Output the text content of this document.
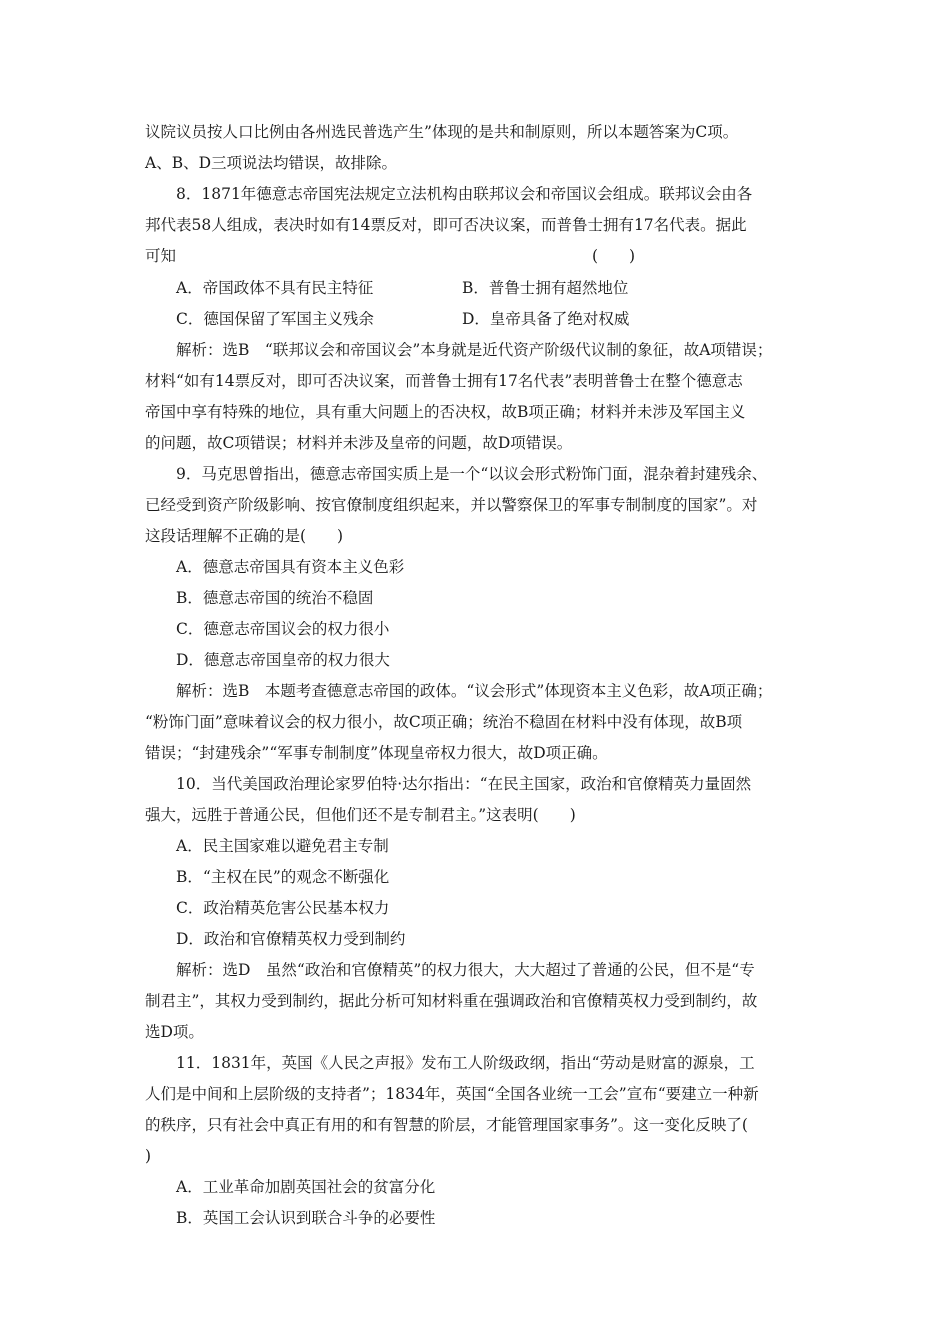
议院议员按人口比例由各州选民普选产生”体现的是共和制原则，所以本题答案为C项。
A、B、D三项说法均错误，故排除。
8．1871年德意志帝国宪法规定立法机构由联邦议会和帝国议会组成。联邦议会由各
邦代表58人组成，表决时如有14票反对，即可否决议案，而普鲁士拥有17名代表。据此
可知	(　　)
A．帝国政体不具有民主特征	B．普鲁士拥有超然地位
C．德国保留了军国主义残余	D．皇帝具备了绝对权威
解析：选B　“联邦议会和帝国议会”本身就是近代资产阶级代议制的象征，故A项错误；
材料“如有14票反对，即可否决议案，而普鲁士拥有17名代表”表明普鲁士在整个德意志
帝国中享有特殊的地位，具有重大问题上的否决权，故B项正确；材料并未涉及军国主义
的问题，故C项错误；材料并未涉及皇帝的问题，故D项错误。
9．马克思曾指出，德意志帝国实质上是一个“以议会形式粉饰门面，混杂着封建残余、
已经受到资产阶级影响、按官僚制度组织起来，并以警察保卫的军事专制制度的国家”。对
这段话理解不正确的是(　　)
A．德意志帝国具有资本主义色彩
B．德意志帝国的统治不稳固
C．德意志帝国议会的权力很小
D．德意志帝国皇帝的权力很大
解析：选B　本题考查德意志帝国的政体。“议会形式”体现资本主义色彩，故A项正确；
“粉饰门面”意味着议会的权力很小，故C项正确；统治不稳固在材料中没有体现，故B项
错误；“封建残余”“军事专制制度”体现皇帝权力很大，故D项正确。
10．当代美国政治理论家罗伯特·达尔指出：“在民主国家，政治和官僚精英力量固然
强大，远胜于普通公民，但他们还不是专制君主。”这表明(　　)
A．民主国家难以避免君主专制
B．“主权在民”的观念不断强化
C．政治精英危害公民基本权力
D．政治和官僚精英权力受到制约
解析：选D　虽然“政治和官僚精英”的权力很大，大大超过了普通的公民，但不是“专
制君主”，其权力受到制约，据此分析可知材料重在强调政治和官僚精英权力受到制约，故
选D项。
11．1831年，英国《人民之声报》发布工人阶级政纲，指出“劳动是财富的源泉，工
人们是中间和上层阶级的支持者”；1834年，英国“全国各业统一工会”宣布“要建立一种新
的秩序，只有社会中真正有用的和有智慧的阶层，才能管理国家事务”。这一变化反映了(
)
A．工业革命加剧英国社会的贫富分化
B．英国工会认识到联合斗争的必要性
